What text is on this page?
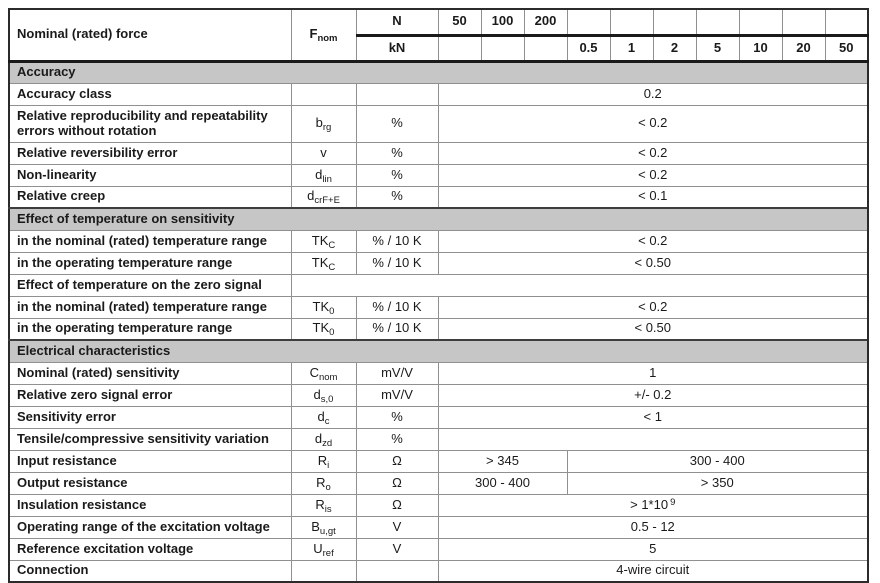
Nominal (rated) force	$F_{nom}$	N	50	100	200							
		kN				0.5	1	2	5	10	20	50
Accuracy												
Accuracy class			0.2									
Relative reproducibility and repeatability errors without rotation	$b_{rg}$	%	< 0.2									
Relative reversibility error	v	%	< 0.2									
Non-linearity	$d_{lin}$	%	< 0.2									
Relative creep	$d_{crF+E}$	%	< 0.1									
Effect of temperature on sensitivity												
in the nominal (rated) temperature range	$TK_C$	% / 10 K	< 0.2									
in the operating temperature range	$TK_C$	% / 10 K	< 0.50									
Effect of temperature on the zero signal												
in the nominal (rated) temperature range	$TK_0$	% / 10 K	< 0.2									
in the operating temperature range	$TK_0$	% / 10 K	< 0.50									
Electrical characteristics												
Nominal (rated) sensitivity	$C_{nom}$	mV/V	1									
Relative zero signal error	$d_{s,0}$	mV/V	+/- 0.2									
Sensitivity error	$d_c$	%	< 1									
Tensile/compressive sensitivity variation	$d_{zd}$	%										
Input resistance	$R_i$	Ω	> 345			300 - 400						
Output resistance	$R_o$	Ω	300 - 400			> 350						
Insulation resistance	$R_{is}$	Ω	> 1*10 $^9$
Operating range of the excitation voltage	$B_{u,gt}$	V	0.5 - 12									
Reference excitation voltage	$U_{ref}$	V	5									
Connection			4-wire circuit									
